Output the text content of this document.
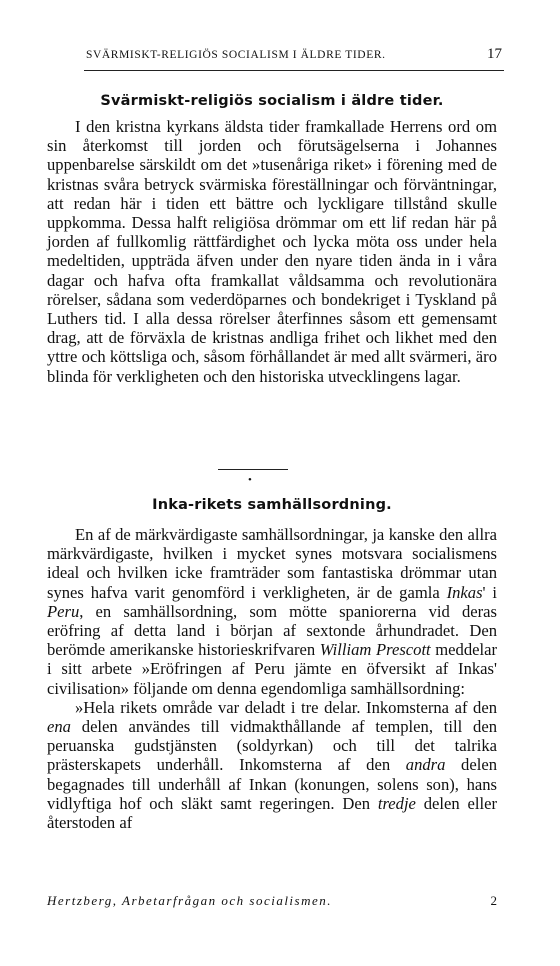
SVÄRMISKT-RELIGIÖS SOCIALISM I ÄLDRE TIDER.	17
Svärmiskt-religiös socialism i äldre tider.

I den kristna kyrkans äldsta tider framkallade Herrens ord om sin återkomst till jorden och förutsägelserna i Johannes uppenbarelse särskildt om det »tusenåriga riket» i förening med de kristnas svåra betryck svärmiska föreställningar och förväntningar, att redan här i tiden ett bättre och lyckligare tillstånd skulle uppkomma. Dessa halft religiösa drömmar om ett lif redan här på jorden af fullkomlig rättfärdighet och lycka möta oss under hela medeltiden, uppträda äfven under den nyare tiden ända in i våra dagar och hafva ofta framkallat våldsamma och revolutionära rörelser, sådana som vederdöparnes och bondekriget i Tyskland på Luthers tid. I alla dessa rörelser återfinnes såsom ett gemensamt drag, att de förväxla de kristnas andliga frihet och likhet med den yttre och köttsliga och, såsom förhållandet är med allt svärmeri, äro blinda för verkligheten och den historiska utvecklingens lagar.

•
Inka-rikets samhällsordning.

En af de märkvärdigaste samhällsordningar, ja kanske den allra märkvärdigaste, hvilken i mycket synes motsvara socialismens ideal och hvilken icke framträder som fantastiska drömmar utan synes hafva varit genomförd i verkligheten, är de gamla Inkas' i Peru, en samhällsordning, som mötte spaniorerna vid deras eröfring af detta land i början af sextonde århundradet. Den berömde amerikanske historieskrifvaren William Prescott meddelar i sitt arbete »Eröfringen af Peru jämte en öfversikt af Inkas' civilisation» följande om denna egendomliga samhällsordning:

»Hela rikets område var deladt i tre delar. Inkomsterna af den ena delen användes till vidmakthållande af templen, till den peruanska gudstjänsten (soldyrkan) och till det talrika prästerskapets underhåll. Inkomsterna af den andra delen begagnades till underhåll af Inkan (konungen, solens son), hans vidlyftiga hof och släkt samt regeringen. Den tredje delen eller återstoden af

Hertzberg, Arbetarfrågan och socialismen.	2
